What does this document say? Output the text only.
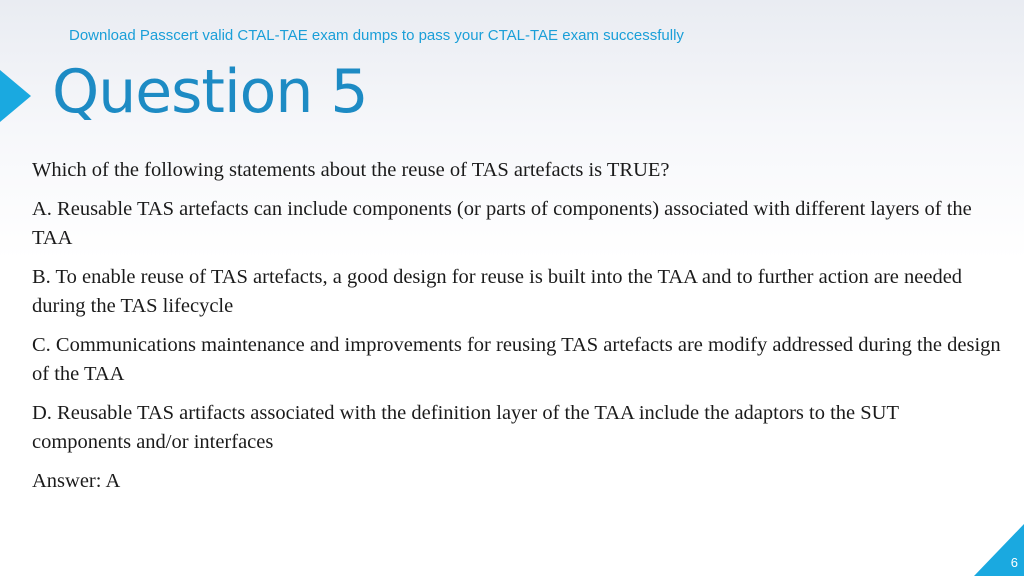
Download Passcert valid CTAL-TAE exam dumps to pass your CTAL-TAE exam successfully
Question 5

Which of the following statements about the reuse of TAS artefacts is TRUE?

A. Reusable TAS artefacts can include components (or parts of components) associated with different layers of the TAA

B. To enable reuse of TAS artefacts, a good design for reuse is built into the TAA and to further action are needed during the TAS lifecycle

C. Communications maintenance and improvements for reusing TAS artefacts are modify addressed during the design of the TAA

D. Reusable TAS artifacts associated with the definition layer of the TAA include the adaptors to the SUT components and/or interfaces

Answer: A

6
